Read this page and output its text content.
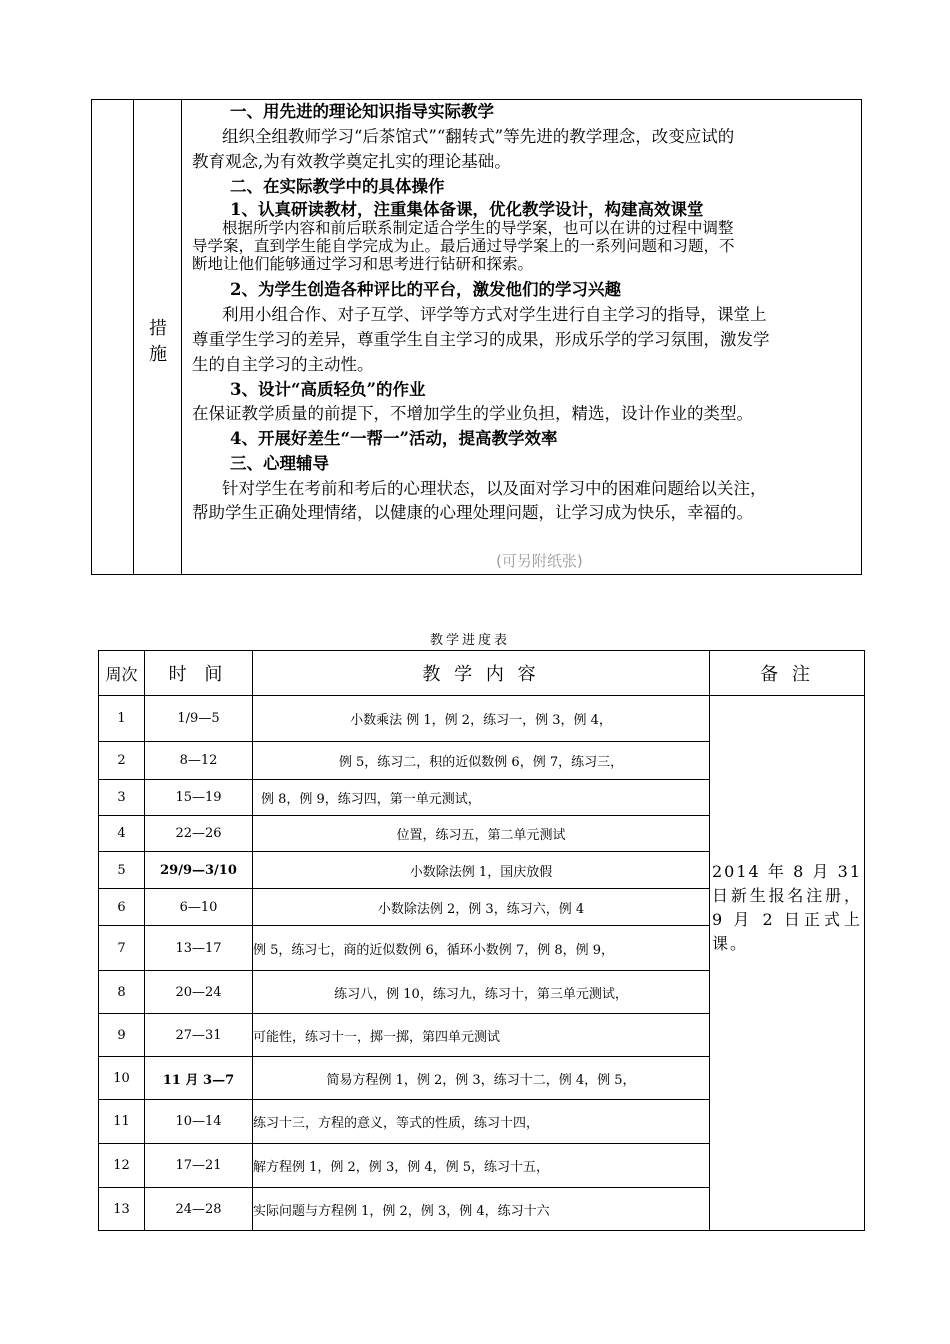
措施
一、用先进的理论知识指导实际教学
组织全组教师学习“后茶馆式”“翻转式”等先进的教学理念，改变应试的
教育观念,为有效教学奠定扎实的理论基础。
二、在实际教学中的具体操作
1、认真研读教材，注重集体备课，优化教学设计，构建高效课堂
根据所学内容和前后联系制定适合学生的导学案，也可以在讲的过程中调整
导学案，直到学生能自学完成为止。最后通过导学案上的一系列问题和习题，不
断地让他们能够通过学习和思考进行钻研和探索。
2、为学生创造各种评比的平台，激发他们的学习兴趣
利用小组合作、对子互学、评学等方式对学生进行自主学习的指导，课堂上
尊重学生学习的差异，尊重学生自主学习的成果，形成乐学的学习氛围，激发学
生的自主学习的主动性。
3、设计“高质轻负”的作业
在保证教学质量的前提下，不增加学生的学业负担，精选，设计作业的类型。
4、开展好差生“一帮一”活动，提高教学效率
三、心理辅导
针对学生在考前和考后的心理状态，以及面对学习中的困难问题给以关注，
帮助学生正确处理情绪，以健康的心理处理问题，让学习成为快乐，幸福的。
(可另附纸张)
教学进度表
周次	时 间	教 学 内 容	备 注
1	1/9—5	小数乘法 例 1，例 2，练习一，例 3，例 4，	2014 年 8 月 31 日新生报名注册，9 月 2 日正式上课。

2	8—12	例 5，练习二，积的近似数例 6，例 7，练习三，	
3	15—19	例 8，例 9，练习四，第一单元测试，	
4	22—26	位置，练习五，第二单元测试	
5	29/9—3/10	小数除法例 1，国庆放假	
6	6—10	小数除法例 2，例 3，练习六，例 4	
7	13—17	例 5，练习七，商的近似数例 6，循环小数例 7，例 8，例 9，	
8	20—24	练习八，例 10，练习九，练习十，第三单元测试，	
9	27—31	可能性，练习十一，掷一掷，第四单元测试	
10	11 月 3—7	简易方程例 1，例 2，例 3，练习十二，例 4，例 5，	
11	10—14	练习十三，方程的意义，等式的性质，练习十四，	
12	17—21	解方程例 1，例 2，例 3，例 4，例 5，练习十五，	
13	24—28	实际问题与方程例 1，例 2，例 3，例 4，练习十六	
